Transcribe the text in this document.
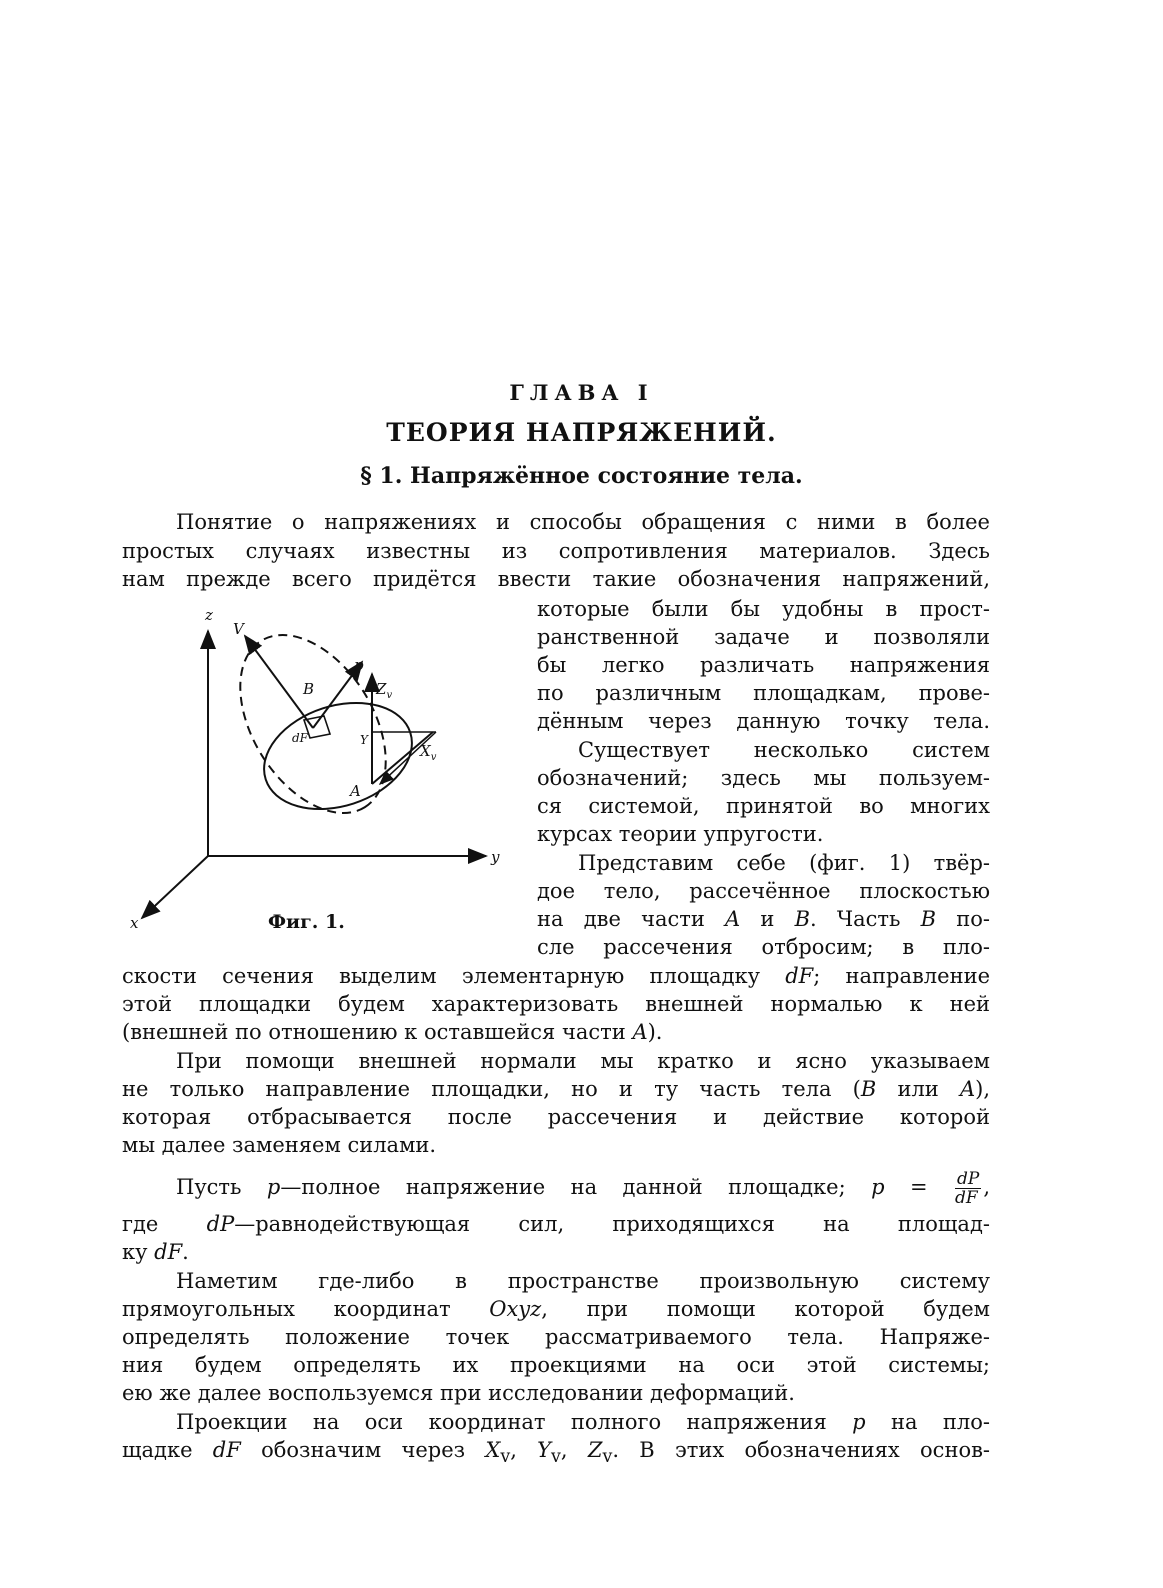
ГЛАВА I
ТЕОРИЯ НАПРЯЖЕНИЙ.
§ 1. Напряжённое состояние тела.
Понятие о напряжениях и способы обращения с ними в более
простых случаях известны из сопротивления материалов. Здесь
нам прежде всего придётся ввести такие обозначения напряжений,
которые были бы удобны в прост-
ранственной задаче и позволяли
бы легко различать напряжения
по различным площадкам, прове-
дённым через данную точку тела.
Существует несколько систем
обозначений; здесь мы пользуем-
ся системой, принятой во многих
курсах теории упругости.
Представим себе (фиг. 1) твёр-
дое тело, рассечённое плоскостью
на две части A и B. Часть B по-
сле рассечения отбросим; в пло-
скости сечения выделим элементарную площадку dF; направление
этой площадки будем характеризовать внешней нормалью к ней
(внешней по отношению к оставшейся части A).
При помощи внешней нормали мы кратко и ясно указываем
не только направление площадки, но и ту часть тела (B или A),
которая отбрасывается после рассечения и действие которой
мы далее заменяем силами.
Пусть p—полное напряжение на данной площадке; $p = \frac{dP}{dF}$ ,
где dP—равнодействующая сил, приходящихся на площад-
ку dF.
Наметим где-либо в пространстве произвольную систему
прямоугольных координат Oxyz, при помощи которой будем
определять положение точек рассматриваемого тела. Напряже-
ния будем определять их проекциями на оси этой системы;
ею же далее воспользуемся при исследовании деформаций.
Проекции на оси координат полного напряжения p на пло-
щадке dF обозначим через $X_v$, $Y_v$, $Z_v$. В этих обозначениях основ-
z
y
x
V
p
$Z_v$
$X_v$
Y
B
A
dF
Фиг. 1.
